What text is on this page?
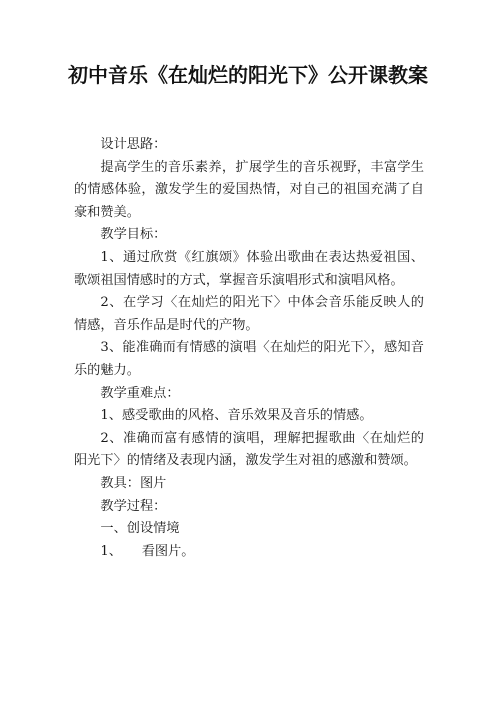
初中音乐《在灿烂的阳光下》公开课教案

设计思路：

提高学生的音乐素养，扩展学生的音乐视野，丰富学生的情感体验，激发学生的爱国热情，对自己的祖国充满了自豪和赞美。

教学目标：

1、通过欣赏《红旗颂》体验出歌曲在表达热爱祖国、歌颂祖国情感时的方式，掌握音乐演唱形式和演唱风格。

2、在学习〈在灿烂的阳光下〉中体会音乐能反映人的情感，音乐作品是时代的产物。

3、能准确而有情感的演唱〈在灿烂的阳光下〉，感知音乐的魅力。

教学重难点：

1、感受歌曲的风格、音乐效果及音乐的情感。

2、准确而富有感情的演唱，理解把握歌曲〈在灿烂的阳光下〉的情绪及表现内涵，激发学生对祖的感激和赞颂。

教具：图片

教学过程：

一、创设情境

1、　　看图片。
